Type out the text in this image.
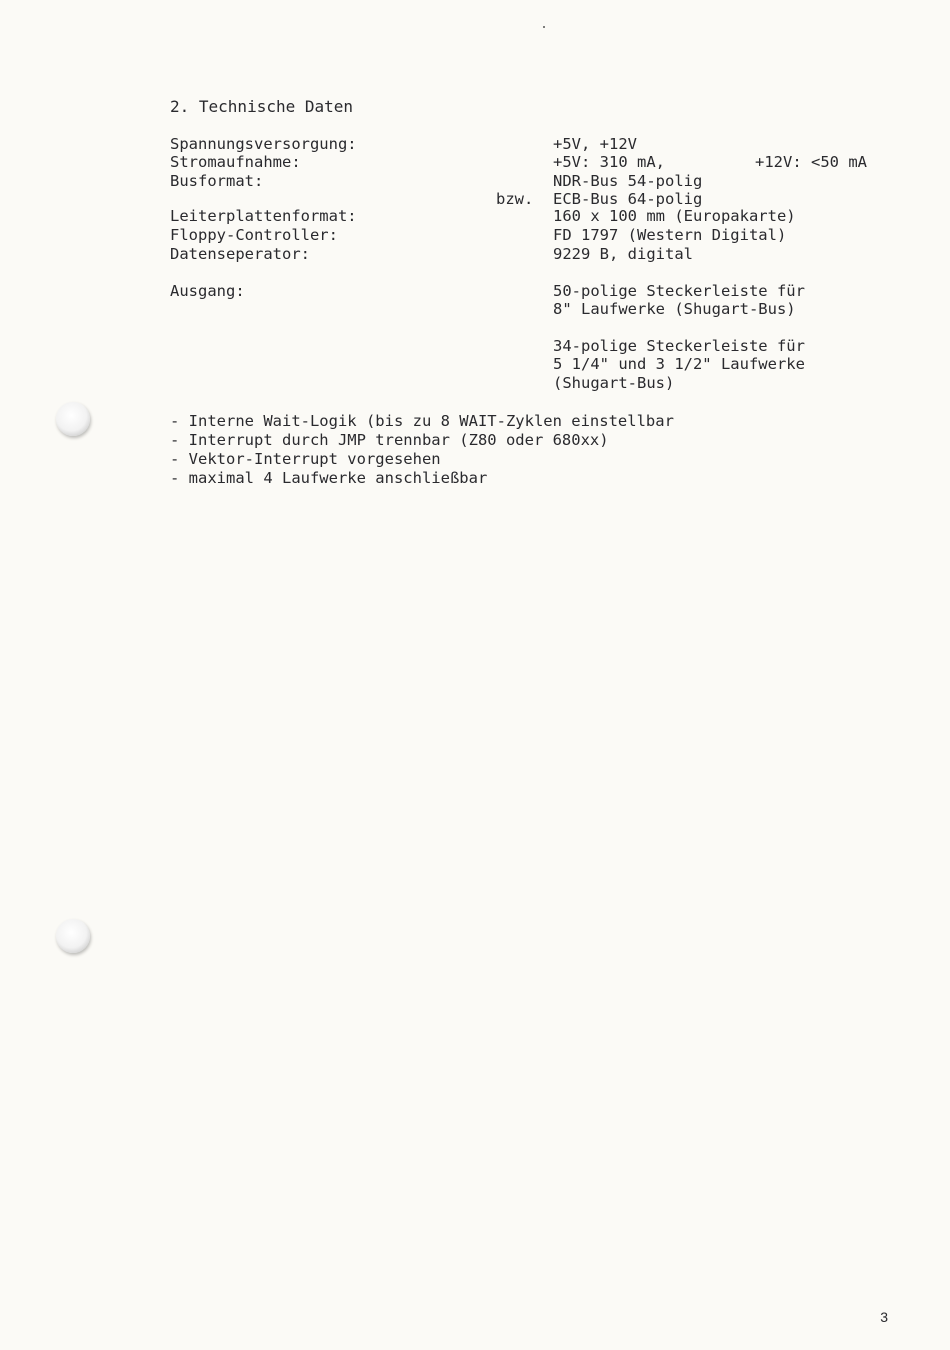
2. Technische Daten
Spannungsversorgung:
Stromaufnahme:
Busformat:
Leiterplattenformat:
Floppy-Controller:
Datenseperator:
Ausgang:
+5V, +12V
+5V: 310 mA,	+12V: <50 mA
NDR-Bus 54-polig
bzw. ECB-Bus 64-polig
160 x 100 mm (Europakarte)
FD 1797 (Western Digital)
9229 B, digital
50-polige Steckerleiste für
8" Laufwerke (Shugart-Bus)
34-polige Steckerleiste für
5 1/4" und 3 1/2" Laufwerke
(Shugart-Bus)
- Interne Wait-Logik (bis zu 8 WAIT-Zyklen einstellbar
- Interrupt durch JMP trennbar (Z80 oder 680xx)
- Vektor-Interrupt vorgesehen
- maximal 4 Laufwerke anschließbar
3
